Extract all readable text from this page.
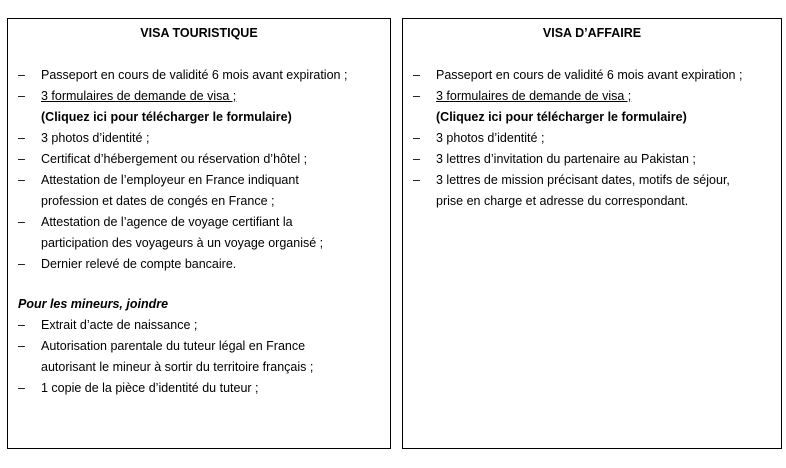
VISA TOURISTIQUE
–	Passeport en cours de validité 6 mois avant expiration ;
–	3 formulaires de demande de visa ;
(Cliquez ici pour télécharger le formulaire)
–	3 photos d’identité ;
–	Certificat d’hébergement ou réservation d’hôtel ;
–	Attestation de l’employeur en France indiquant
profession et dates de congés en France ;
–	Attestation de l’agence de voyage certifiant la
participation des voyageurs à un voyage organisé ;
–	Dernier relevé de compte bancaire.
Pour les mineurs, joindre
–	Extrait d’acte de naissance ;
–	Autorisation parentale du tuteur légal en France
autorisant le mineur à sortir du territoire français ;
–	1 copie de la pièce d’identité du tuteur ;
VISA D’AFFAIRE
–	Passeport en cours de validité 6 mois avant expiration ;
–	3 formulaires de demande de visa ;
(Cliquez ici pour télécharger le formulaire)
–	3 photos d’identité ;
–	3 lettres d’invitation du partenaire au Pakistan ;
–	3 lettres de mission précisant dates, motifs de séjour,
prise en charge et adresse du correspondant.
